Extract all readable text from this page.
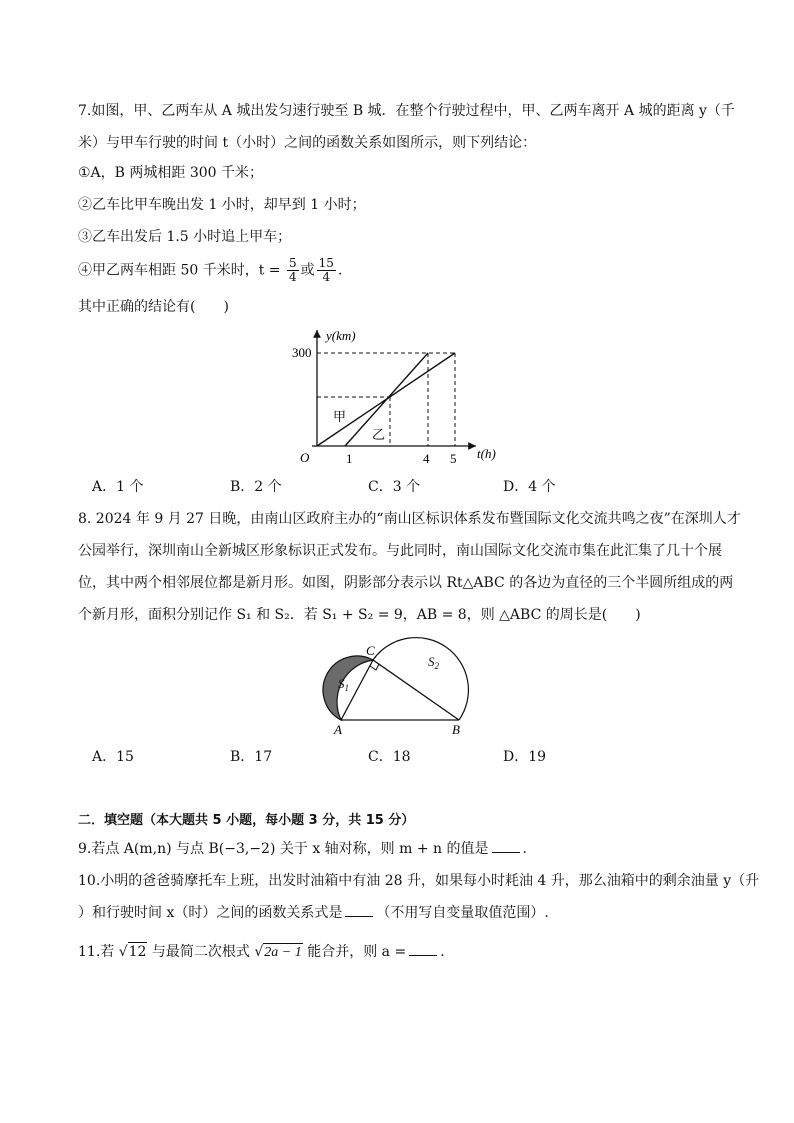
7.如图，甲、乙两车从 A 城出发匀速行驶至 B 城．在整个行驶过程中，甲、乙两车离开 A 城的距离 y（千
米）与甲车行驶的时间 t（小时）之间的函数关系如图所示，则下列结论：
①A，B 两城相距 300 千米；
②乙车比甲车晚出发 1 小时，却早到 1 小时；
③乙车出发后 1.5 小时追上甲车；
④甲乙两车相距 50 千米时，$t = \frac{5}{4}$ 或 $\frac{15}{4}$ .
其中正确的结论有(　　)
y(km)
t(h)
O
300
1	4 5
甲
乙
A．1 个	B．2 个	C．3 个	D．4 个
8. 2024 年 9 月 27 日晚，由南山区政府主办的“南山区标识体系发布暨国际文化交流共鸣之夜”在深圳人才
公园举行，深圳南山全新城区形象标识正式发布。与此同时，南山国际文化交流市集在此汇集了几十个展
位，其中两个相邻展位都是新月形。如图，阴影部分表示以 Rt△ABC 的各边为直径的三个半圆所组成的两
个新月形，面积分别记作 S₁ 和 S₂．若 S₁ + S₂ = 9，AB = 8，则 △ABC 的周长是(　　)
A	B
C
$S_1$
$S_2$
A．15	B．17	C．18	D．19
二．填空题（本大题共 5 小题，每小题 3 分，共 15 分）
9.若点 A(m,n) 与点 B(−3,−2) 关于 x 轴对称，则 m + n 的值是 .
10.小明的爸爸骑摩托车上班，出发时油箱中有油 28 升，如果每小时耗油 4 升，那么油箱中的剩余油量 y（升
）和行驶时间 x（时）之间的函数关系式是 （不用写自变量取值范围）.
11.若 √12 与最简二次根式 √2a − 1 能合并，则 a = .
